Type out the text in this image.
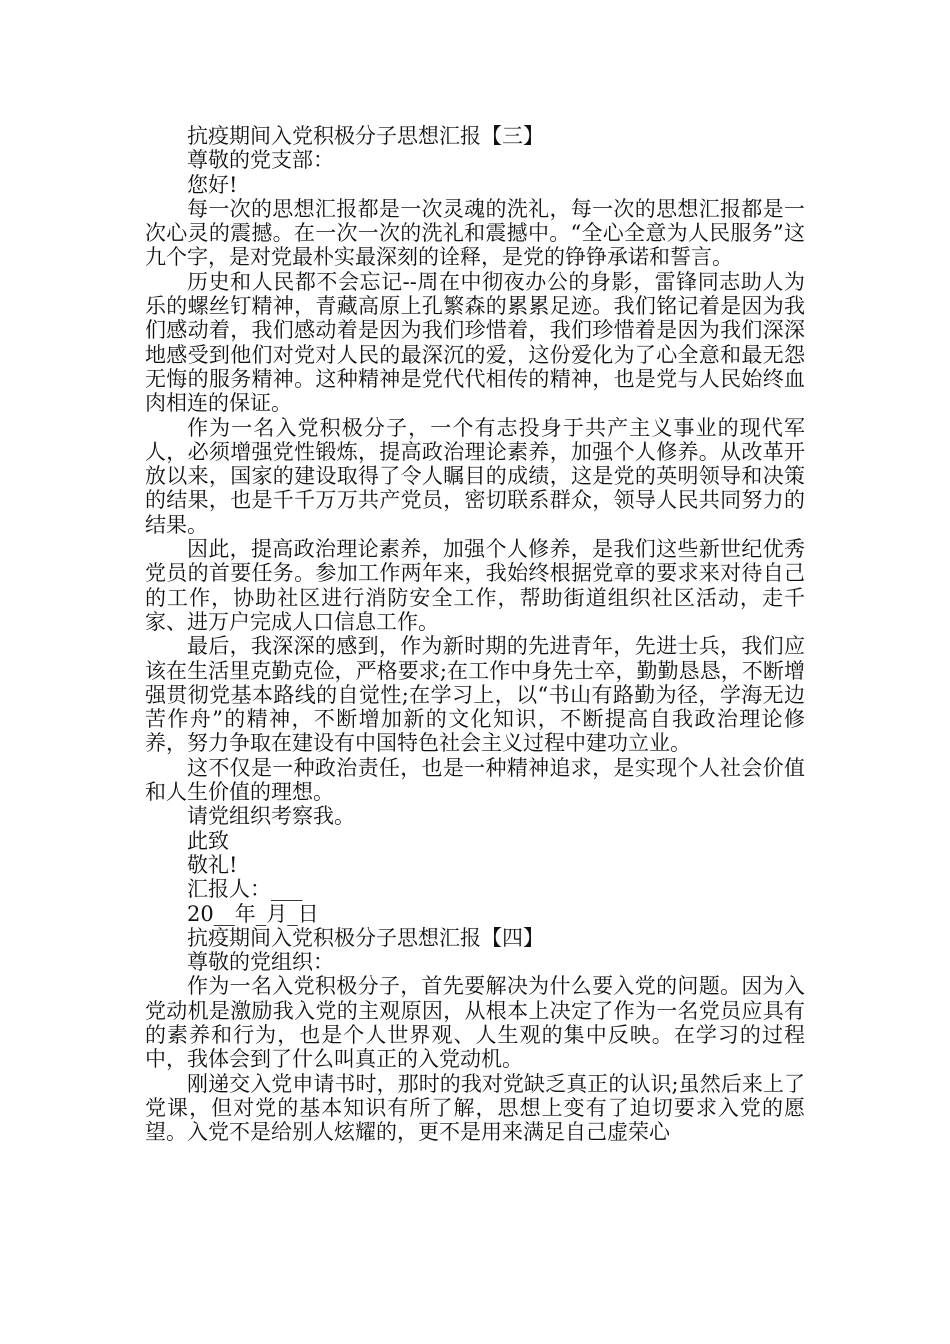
抗疫期间入党积极分子思想汇报【三】

尊敬的党支部：

您好!

每一次的思想汇报都是一次灵魂的洗礼，每一次的思想汇报都是一次心灵的震撼。在一次一次的洗礼和震撼中。“全心全意为人民服务”这九个字，是对党最朴实最深刻的诠释，是党的铮铮承诺和誓言。

历史和人民都不会忘记--周在中彻夜办公的身影，雷锋同志助人为乐的螺丝钉精神，青藏高原上孔繁森的累累足迹。我们铭记着是因为我们感动着，我们感动着是因为我们珍惜着，我们珍惜着是因为我们深深地感受到他们对党对人民的最深沉的爱，这份爱化为了心全意和最无怨无悔的服务精神。这种精神是党代代相传的精神，也是党与人民始终血肉相连的保证。

作为一名入党积极分子，一个有志投身于共产主义事业的现代军人，必须增强党性锻炼，提高政治理论素养，加强个人修养。从改革开放以来，国家的建设取得了令人瞩目的成绩，这是党的英明领导和决策的结果，也是千千万万共产党员，密切联系群众，领导人民共同努力的结果。

因此，提高政治理论素养，加强个人修养，是我们这些新世纪优秀党员的首要任务。参加工作两年来，我始终根据党章的要求来对待自己的工作，协助社区进行消防安全工作，帮助街道组织社区活动，走千家、进万户完成人口信息工作。

最后，我深深的感到，作为新时期的先进青年，先进士兵，我们应该在生活里克勤克俭，严格要求;在工作中身先士卒，勤勤恳恳，不断增强贯彻党基本路线的自觉性;在学习上，以“书山有路勤为径，学海无边苦作舟”的精神，不断增加新的文化知识，不断提高自我政治理论修养，努力争取在建设有中国特色社会主义过程中建功立业。

这不仅是一种政治责任，也是一种精神追求，是实现个人社会价值和人生价值的理想。

请党组织考察我。

此致

敬礼!

汇报人：___

20__年_月_日

抗疫期间入党积极分子思想汇报【四】

尊敬的党组织：

作为一名入党积极分子，首先要解决为什么要入党的问题。因为入党动机是激励我入党的主观原因，从根本上决定了作为一名党员应具有的素养和行为，也是个人世界观、人生观的集中反映。在学习的过程中，我体会到了什么叫真正的入党动机。

刚递交入党申请书时，那时的我对党缺乏真正的认识;虽然后来上了党课，但对党的基本知识有所了解，思想上变有了迫切要求入党的愿望。入党不是给别人炫耀的，更不是用来满足自己虚荣心
